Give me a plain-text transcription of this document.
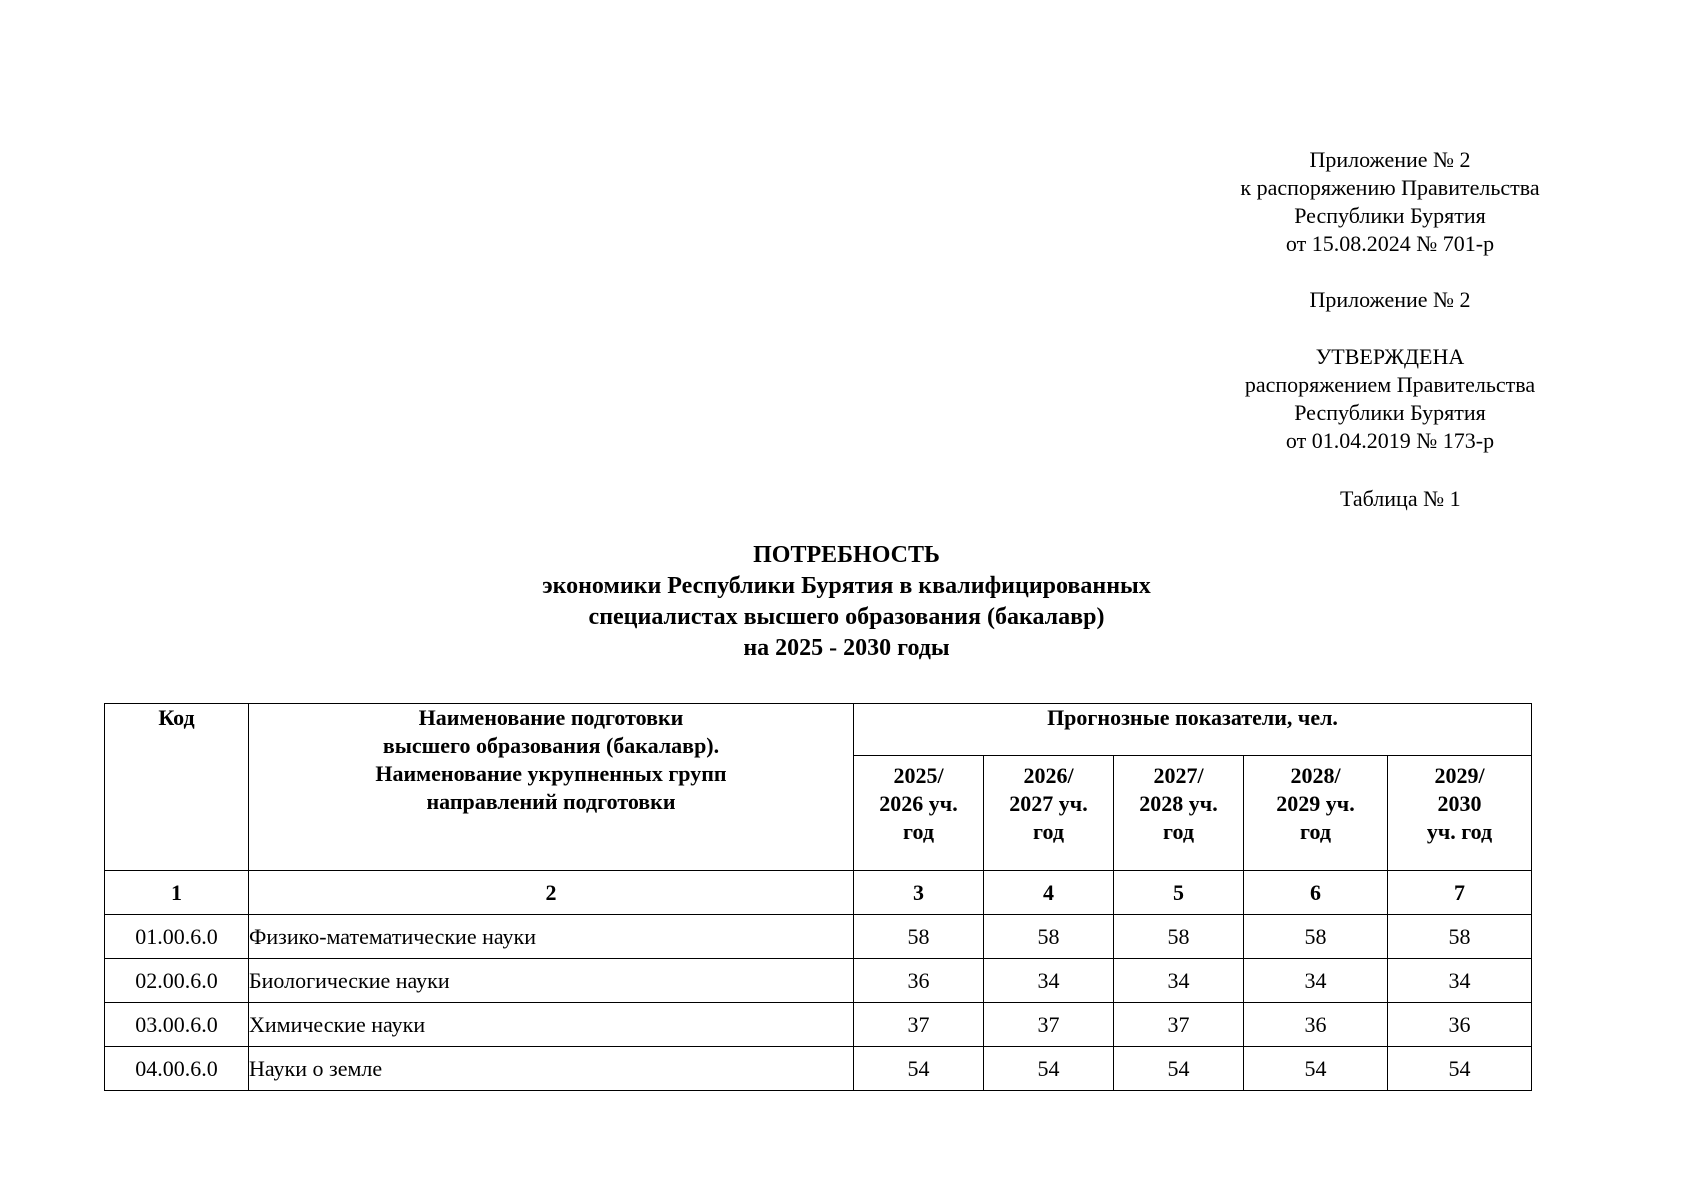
Приложение № 2
к распоряжению Правительства
Республики Бурятия
от 15.08.2024 № 701-р
Приложение № 2
УТВЕРЖДЕНА
распоряжением Правительства
Республики Бурятия
от 01.04.2019 № 173-р
Таблица № 1
ПОТРЕБНОСТЬ
экономики Республики Бурятия в квалифицированных
специалистах высшего образования (бакалавр)
на 2025 - 2030 годы
Код	Наименование подготовки
высшего образования (бакалавр).
Наименование укрупненных групп
направлений подготовки	Прогнозные показатели, чел.				

		2025/
2026 уч.
год	2026/
2027 уч.
год	2027/
2028 уч.
год	2028/
2029 уч.
год	2029/
2030
уч. год

1	2	3	4	5	6	7
01.00.6.0	Физико-математические науки	58	58	58	58	58
02.00.6.0	Биологические науки	36	34	34	34	34
03.00.6.0	Химические науки	37	37	37	36	36
04.00.6.0	Науки о земле	54	54	54	54	54
